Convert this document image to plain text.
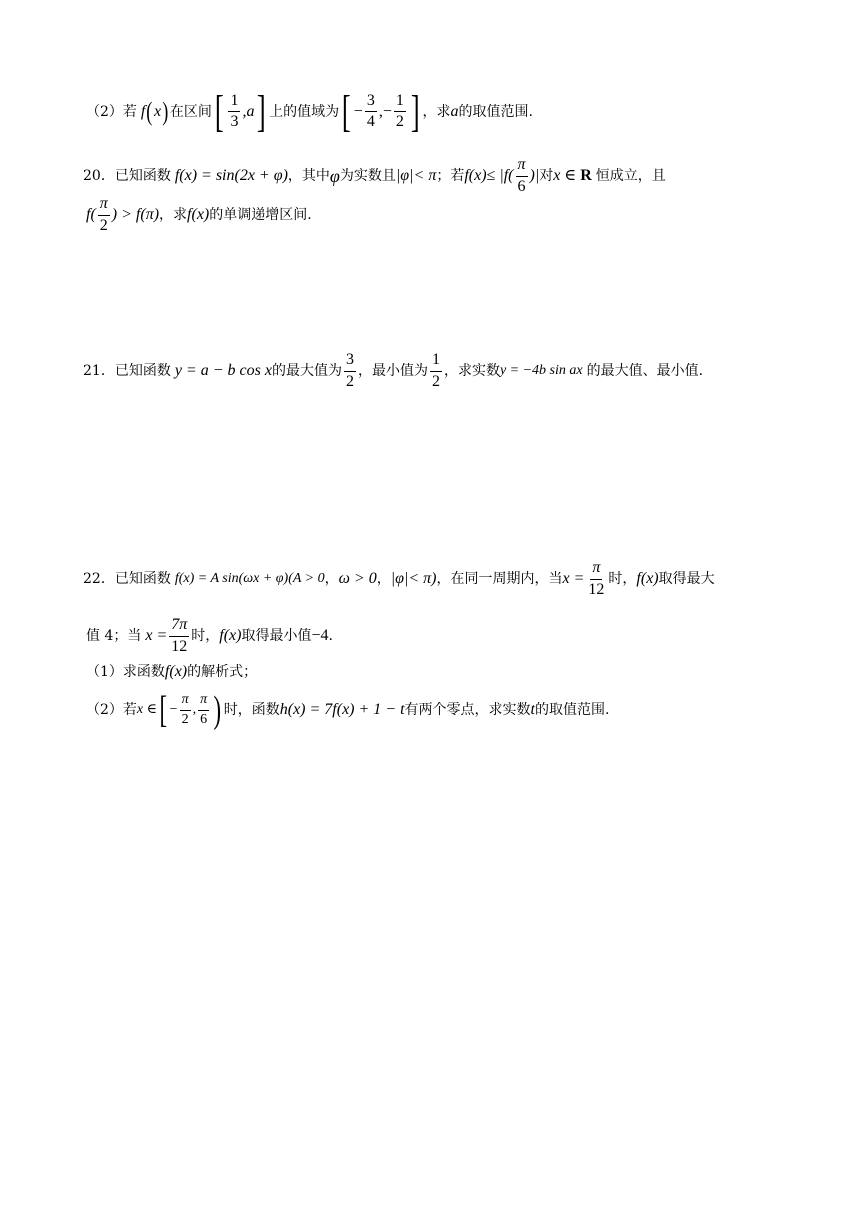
（2）若 f ( x ) 在区间 [ $\frac{1}{3} ,a$ ] 上的值域为 [ − $\frac{3}{4}$ ,− $\frac{1}{2}$ ] ，求 a 的取值范围.
20．已知函数 f(x) = sin(2x + φ) ，其中 φ 为实数且 |φ|< π ；若 $f(x)\le |f( \frac{\pi}{6}$ )| 对 x ∈ R 恒成立，且
$f( \frac{\pi}{2}$ ) > f(π) ，求 f(x) 的单调递增区间.
21．已知函数 y = a − b cos x 的最大值为 $\frac{3}{2}$ ，最小值为 $\frac{1}{2}$ ，求实数 y = −4b sin ax 的最大值、最小值.
22．已知函数 f(x) = A sin(ωx + φ)(A > 0 ， ω > 0 ， |φ|< π) ，在同一周期内，当 $x = \frac{\pi}{12}$ 时， f(x) 取得最大
值 4；当 $x = \frac{7\pi}{12}$ 时， f(x) 取得最小值 −4 .
（1）求函数 f(x) 的解析式；
（2）若 x ∈ [ − $\frac{\pi}{2}$ , $\frac{\pi}{6}$ ) 时，函数 h(x) = 7f(x) + 1 − t 有两个零点，求实数 t 的取值范围.
